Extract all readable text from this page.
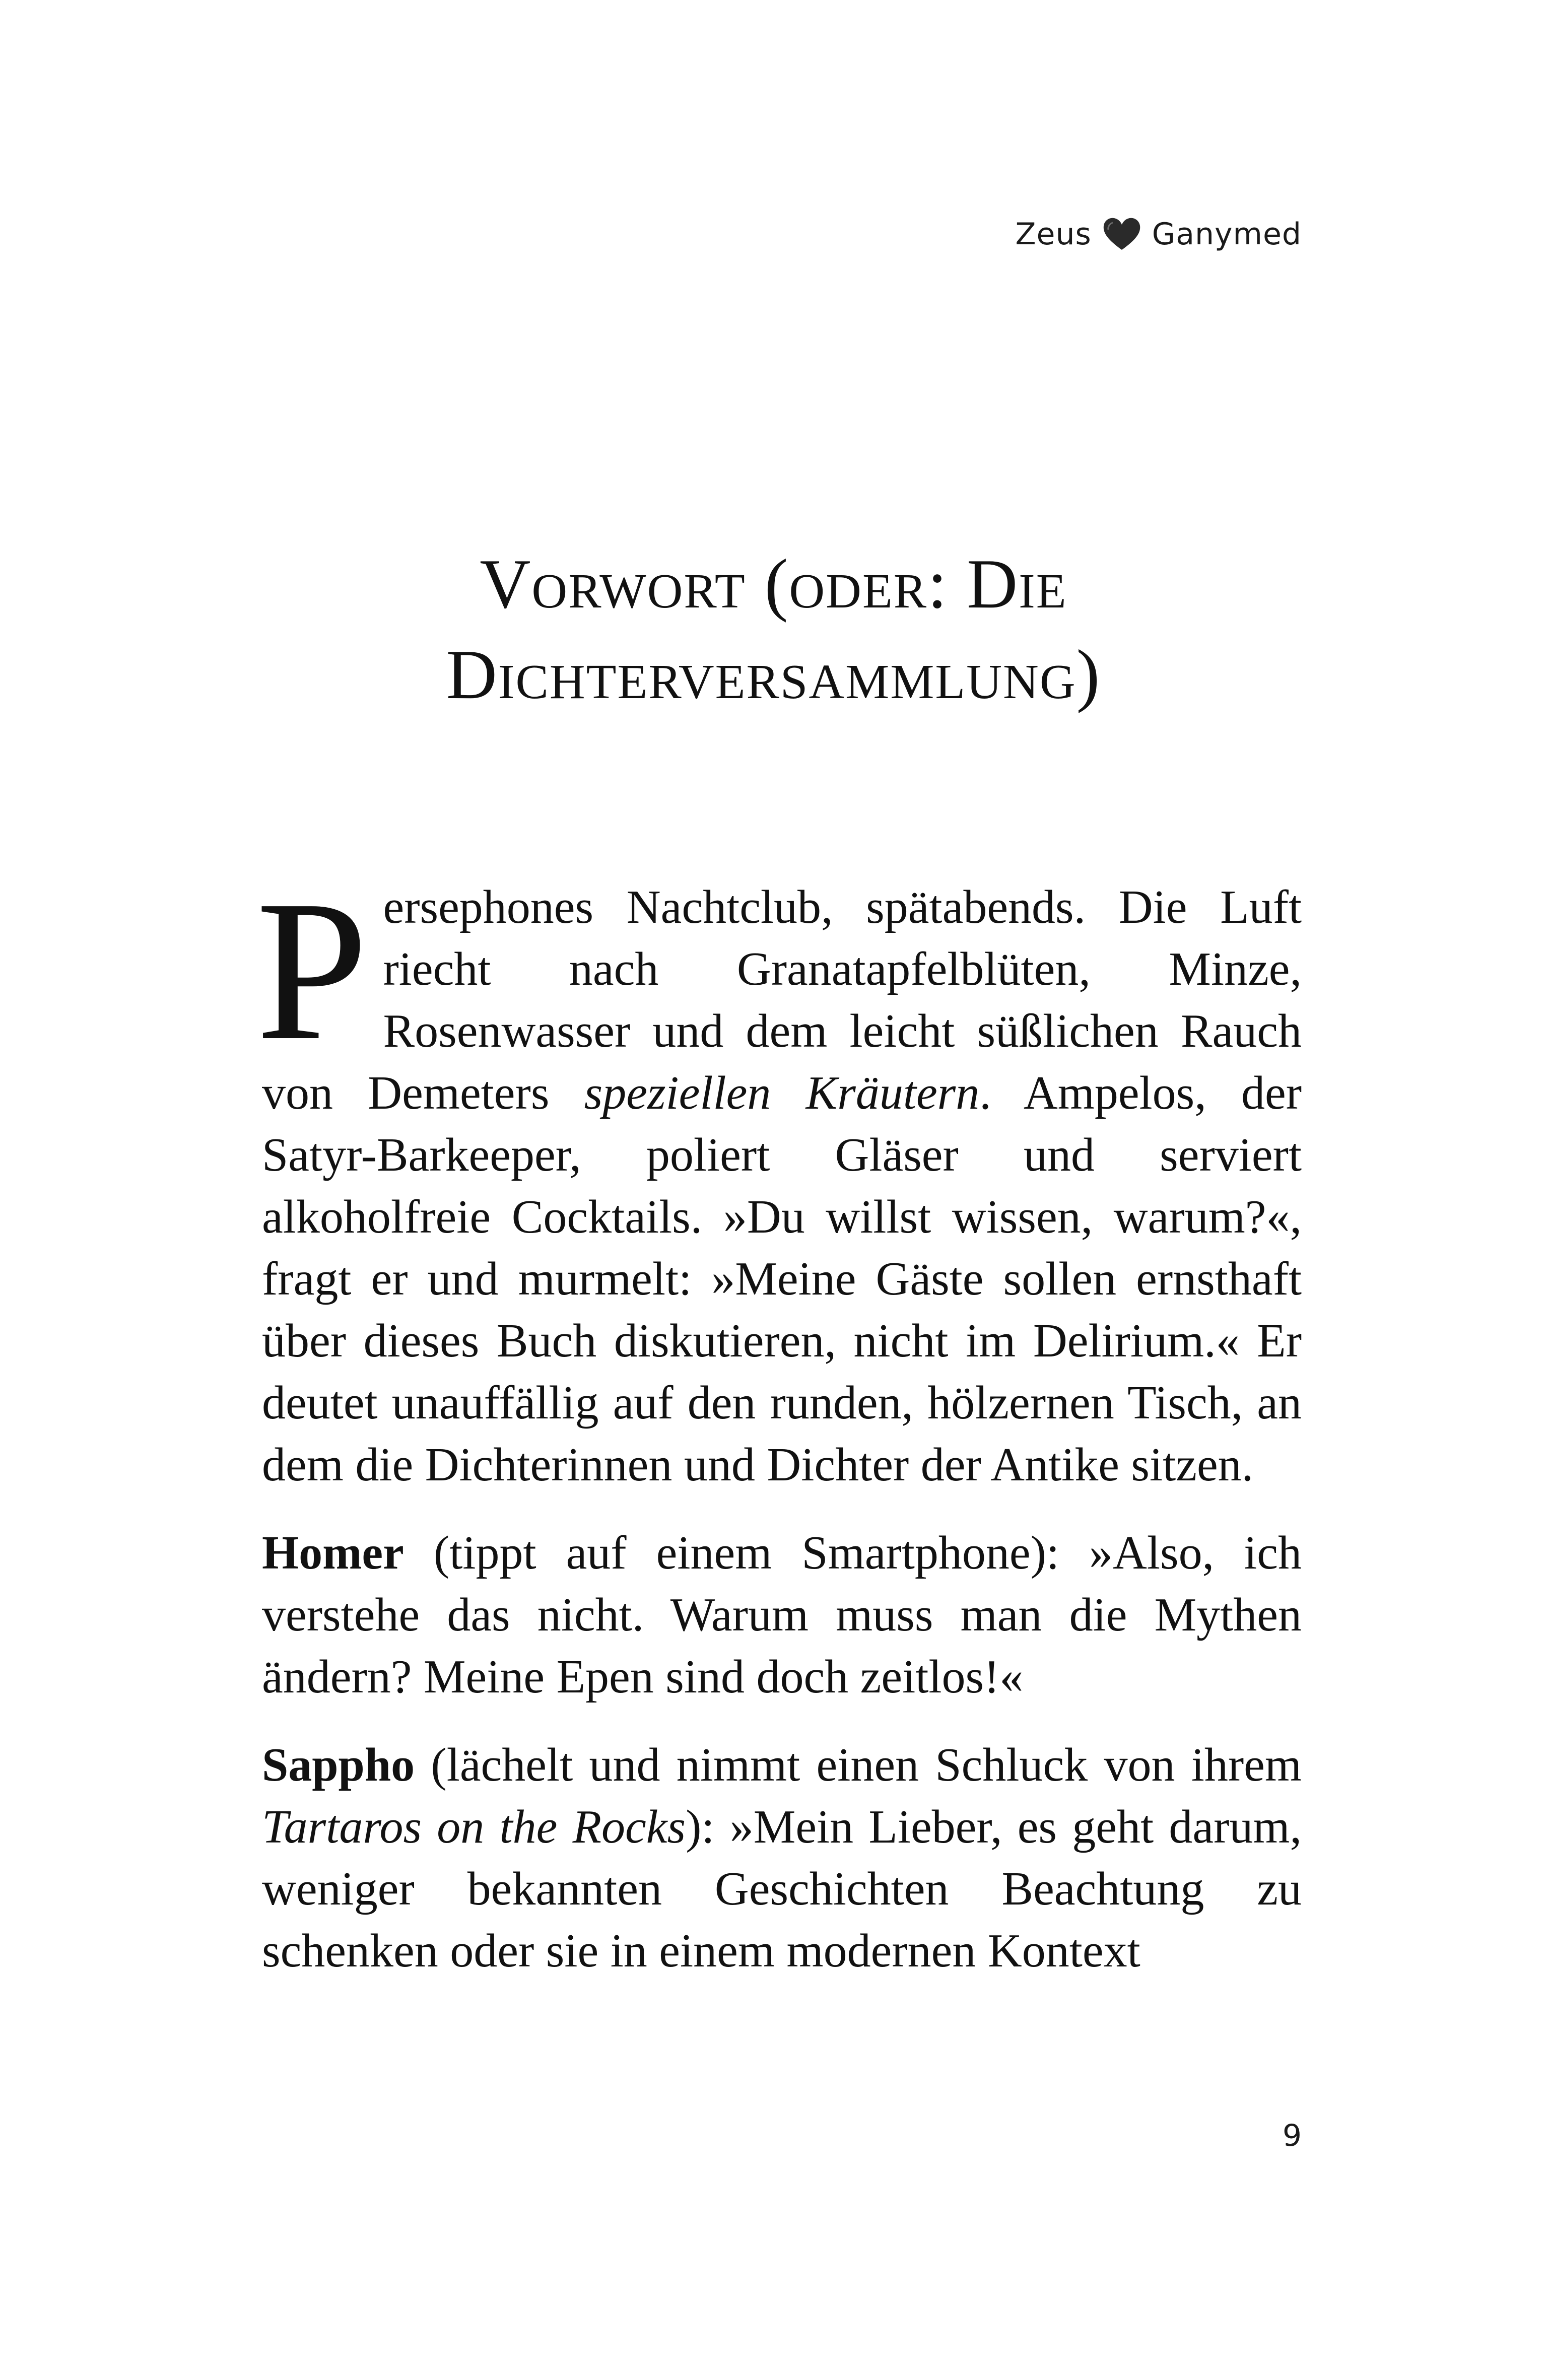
Zeus Ganymed
Vorwort (oder: Die Dichterversammlung)

Persephones Nachtclub, spätabends. Die Luft riecht nach Granatapfelblüten, Minze, Rosenwasser und dem leicht süßlichen Rauch von Demeters speziellen Kräutern. Ampelos, der Satyr-Barkeeper, poliert Gläser und serviert alkoholfreie Cocktails. »Du willst wissen, warum?«, fragt er und murmelt: »Meine Gäste sollen ernsthaft über dieses Buch diskutieren, nicht im Delirium.« Er deutet unauffällig auf den runden, hölzernen Tisch, an dem die Dichterinnen und Dichter der Antike sitzen.

Homer (tippt auf einem Smartphone): »Also, ich verstehe das nicht. Warum muss man die Mythen ändern? Meine Epen sind doch zeitlos!«

Sappho (lächelt und nimmt einen Schluck von ihrem Tartaros on the Rocks): »Mein Lieber, es geht darum, weniger bekannten Geschichten Beachtung zu schenken oder sie in einem modernen Kontext

9
